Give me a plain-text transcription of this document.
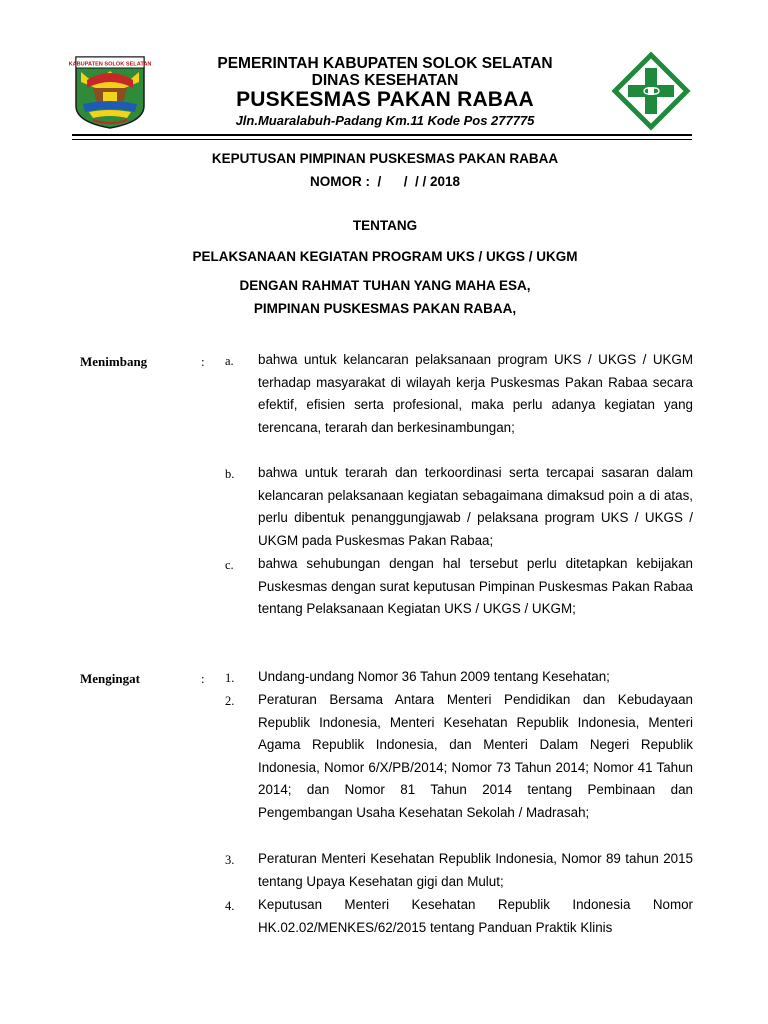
KABUPATEN SOLOK SELATAN	PEMERINTAH KABUPATEN SOLOK SELATAN
DINAS KESEHATAN
PUSKESMAS PAKAN RABAA
Jln.Muaralabuh-Padang Km.11 Kode Pos 277775
KEPUTUSAN PIMPINAN PUSKESMAS PAKAN RABAA
NOMOR :  /      /  / / 2018
TENTANG
PELAKSANAAN KEGIATAN PROGRAM UKS / UKGS / UKGM
DENGAN RAHMAT TUHAN YANG MAHA ESA,
PIMPINAN PUSKESMAS PAKAN RABAA,
Menimbang	: a. bahwa untuk kelancaran pelaksanaan program UKS / UKGS / UKGM terhadap masyarakat di wilayah kerja Puskesmas Pakan Rabaa secara efektif, efisien serta profesional, maka perlu adanya kegiatan yang terencana, terarah dan berkesinambungan;

b. bahwa untuk terarah dan terkoordinasi serta tercapai sasaran dalam kelancaran pelaksanaan kegiatan sebagaimana dimaksud poin a di atas, perlu dibentuk penanggungjawab / pelaksana program UKS / UKGS / UKGM pada Puskesmas Pakan Rabaa;

c. bahwa sehubungan dengan hal tersebut perlu ditetapkan kebijakan Puskesmas dengan surat keputusan Pimpinan Puskesmas Pakan Rabaa tentang Pelaksanaan Kegiatan UKS / UKGS / UKGM;

Mengingat	: 1. Undang-undang Nomor 36 Tahun 2009 tentang Kesehatan;

2. Peraturan Bersama Antara Menteri Pendidikan dan Kebudayaan Republik Indonesia, Menteri Kesehatan Republik Indonesia, Menteri Agama Republik Indonesia, dan Menteri Dalam Negeri Republik Indonesia, Nomor 6/X/PB/2014; Nomor 73 Tahun 2014; Nomor 41 Tahun 2014; dan Nomor 81 Tahun 2014 tentang Pembinaan dan Pengembangan Usaha Kesehatan Sekolah / Madrasah;

3. Peraturan Menteri Kesehatan Republik Indonesia, Nomor 89 tahun 2015 tentang Upaya Kesehatan gigi dan Mulut;

4. Keputusan Menteri Kesehatan Republik Indonesia Nomor HK.02.02/MENKES/62/2015 tentang Panduan Praktik Klinis
